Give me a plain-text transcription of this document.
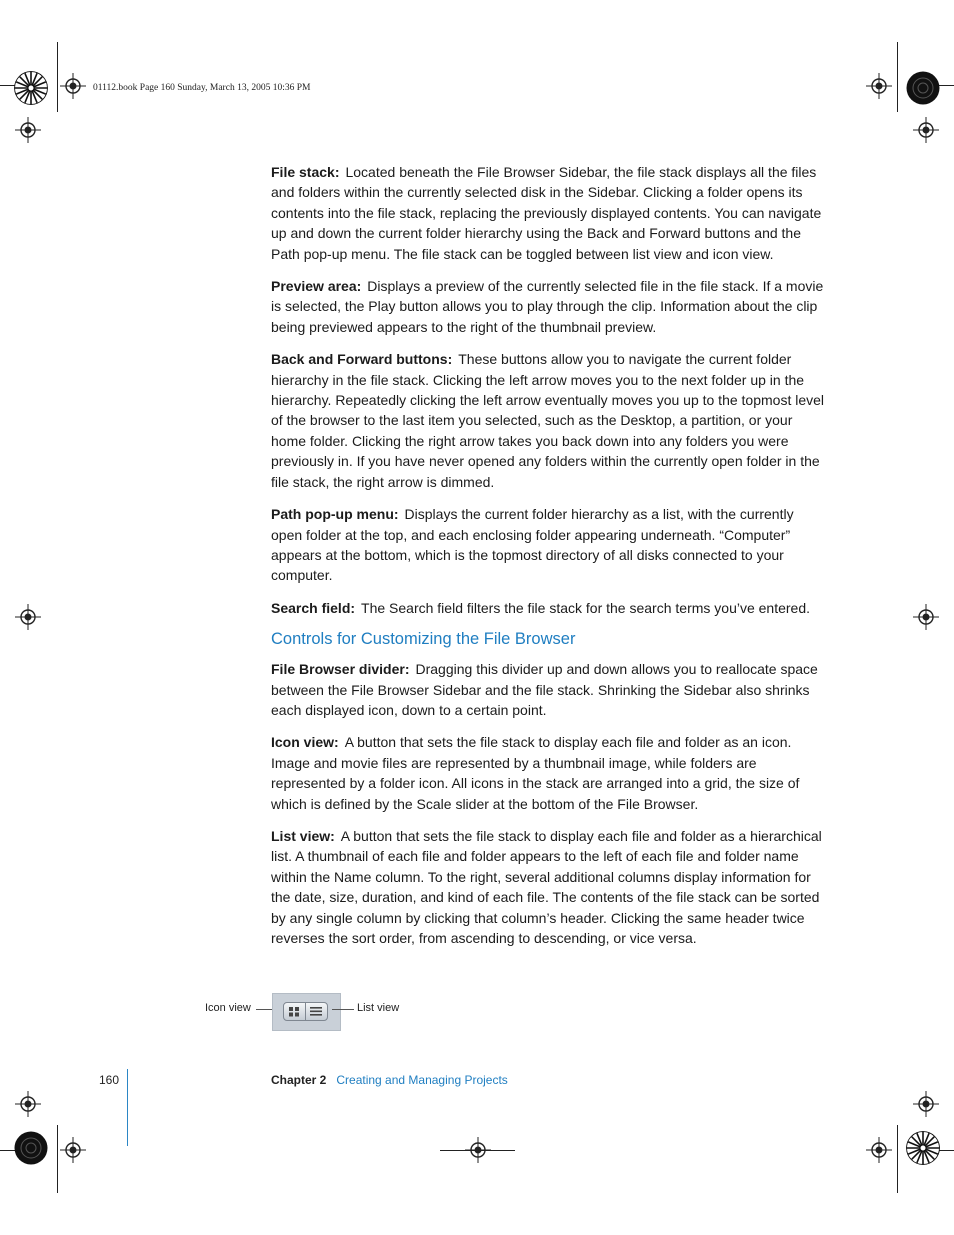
01112.book Page 160 Sunday, March 13, 2005 10:36 PM

File stack: Located beneath the File Browser Sidebar, the file stack displays all the files and folders within the currently selected disk in the Sidebar. Clicking a folder opens its contents into the file stack, replacing the previously displayed contents. You can navigate up and down the current folder hierarchy using the Back and Forward buttons and the Path pop-up menu. The file stack can be toggled between list view and icon view.

Preview area: Displays a preview of the currently selected file in the file stack. If a movie is selected, the Play button allows you to play through the clip. Information about the clip being previewed appears to the right of the thumbnail preview.

Back and Forward buttons: These buttons allow you to navigate the current folder hierarchy in the file stack. Clicking the left arrow moves you to the next folder up in the hierarchy. Repeatedly clicking the left arrow eventually moves you up to the topmost level of the browser to the last item you selected, such as the Desktop, a partition, or your home folder. Clicking the right arrow takes you back down into any folders you were previously in. If you have never opened any folders within the currently open folder in the file stack, the right arrow is dimmed.

Path pop-up menu: Displays the current folder hierarchy as a list, with the currently open folder at the top, and each enclosing folder appearing underneath. “Computer” appears at the bottom, which is the topmost directory of all disks connected to your computer.

Search field: The Search field filters the file stack for the search terms you’ve entered.

Controls for Customizing the File Browser

File Browser divider: Dragging this divider up and down allows you to reallocate space between the File Browser Sidebar and the file stack. Shrinking the Sidebar also shrinks each displayed icon, down to a certain point.

Icon view: A button that sets the file stack to display each file and folder as an icon. Image and movie files are represented by a thumbnail image, while folders are represented by a folder icon. All icons in the stack are arranged into a grid, the size of which is defined by the Scale slider at the bottom of the File Browser.

List view: A button that sets the file stack to display each file and folder as a hierarchical list. A thumbnail of each file and folder appears to the left of each file and folder name within the Name column. To the right, several additional columns display information for the date, size, duration, and kind of each file. The contents of the file stack can be sorted by any single column by clicking that column’s header. Clicking the same header twice reverses the sort order, from ascending to descending, or vice versa.

Icon view	List view
160	Chapter 2 Creating and Managing Projects
